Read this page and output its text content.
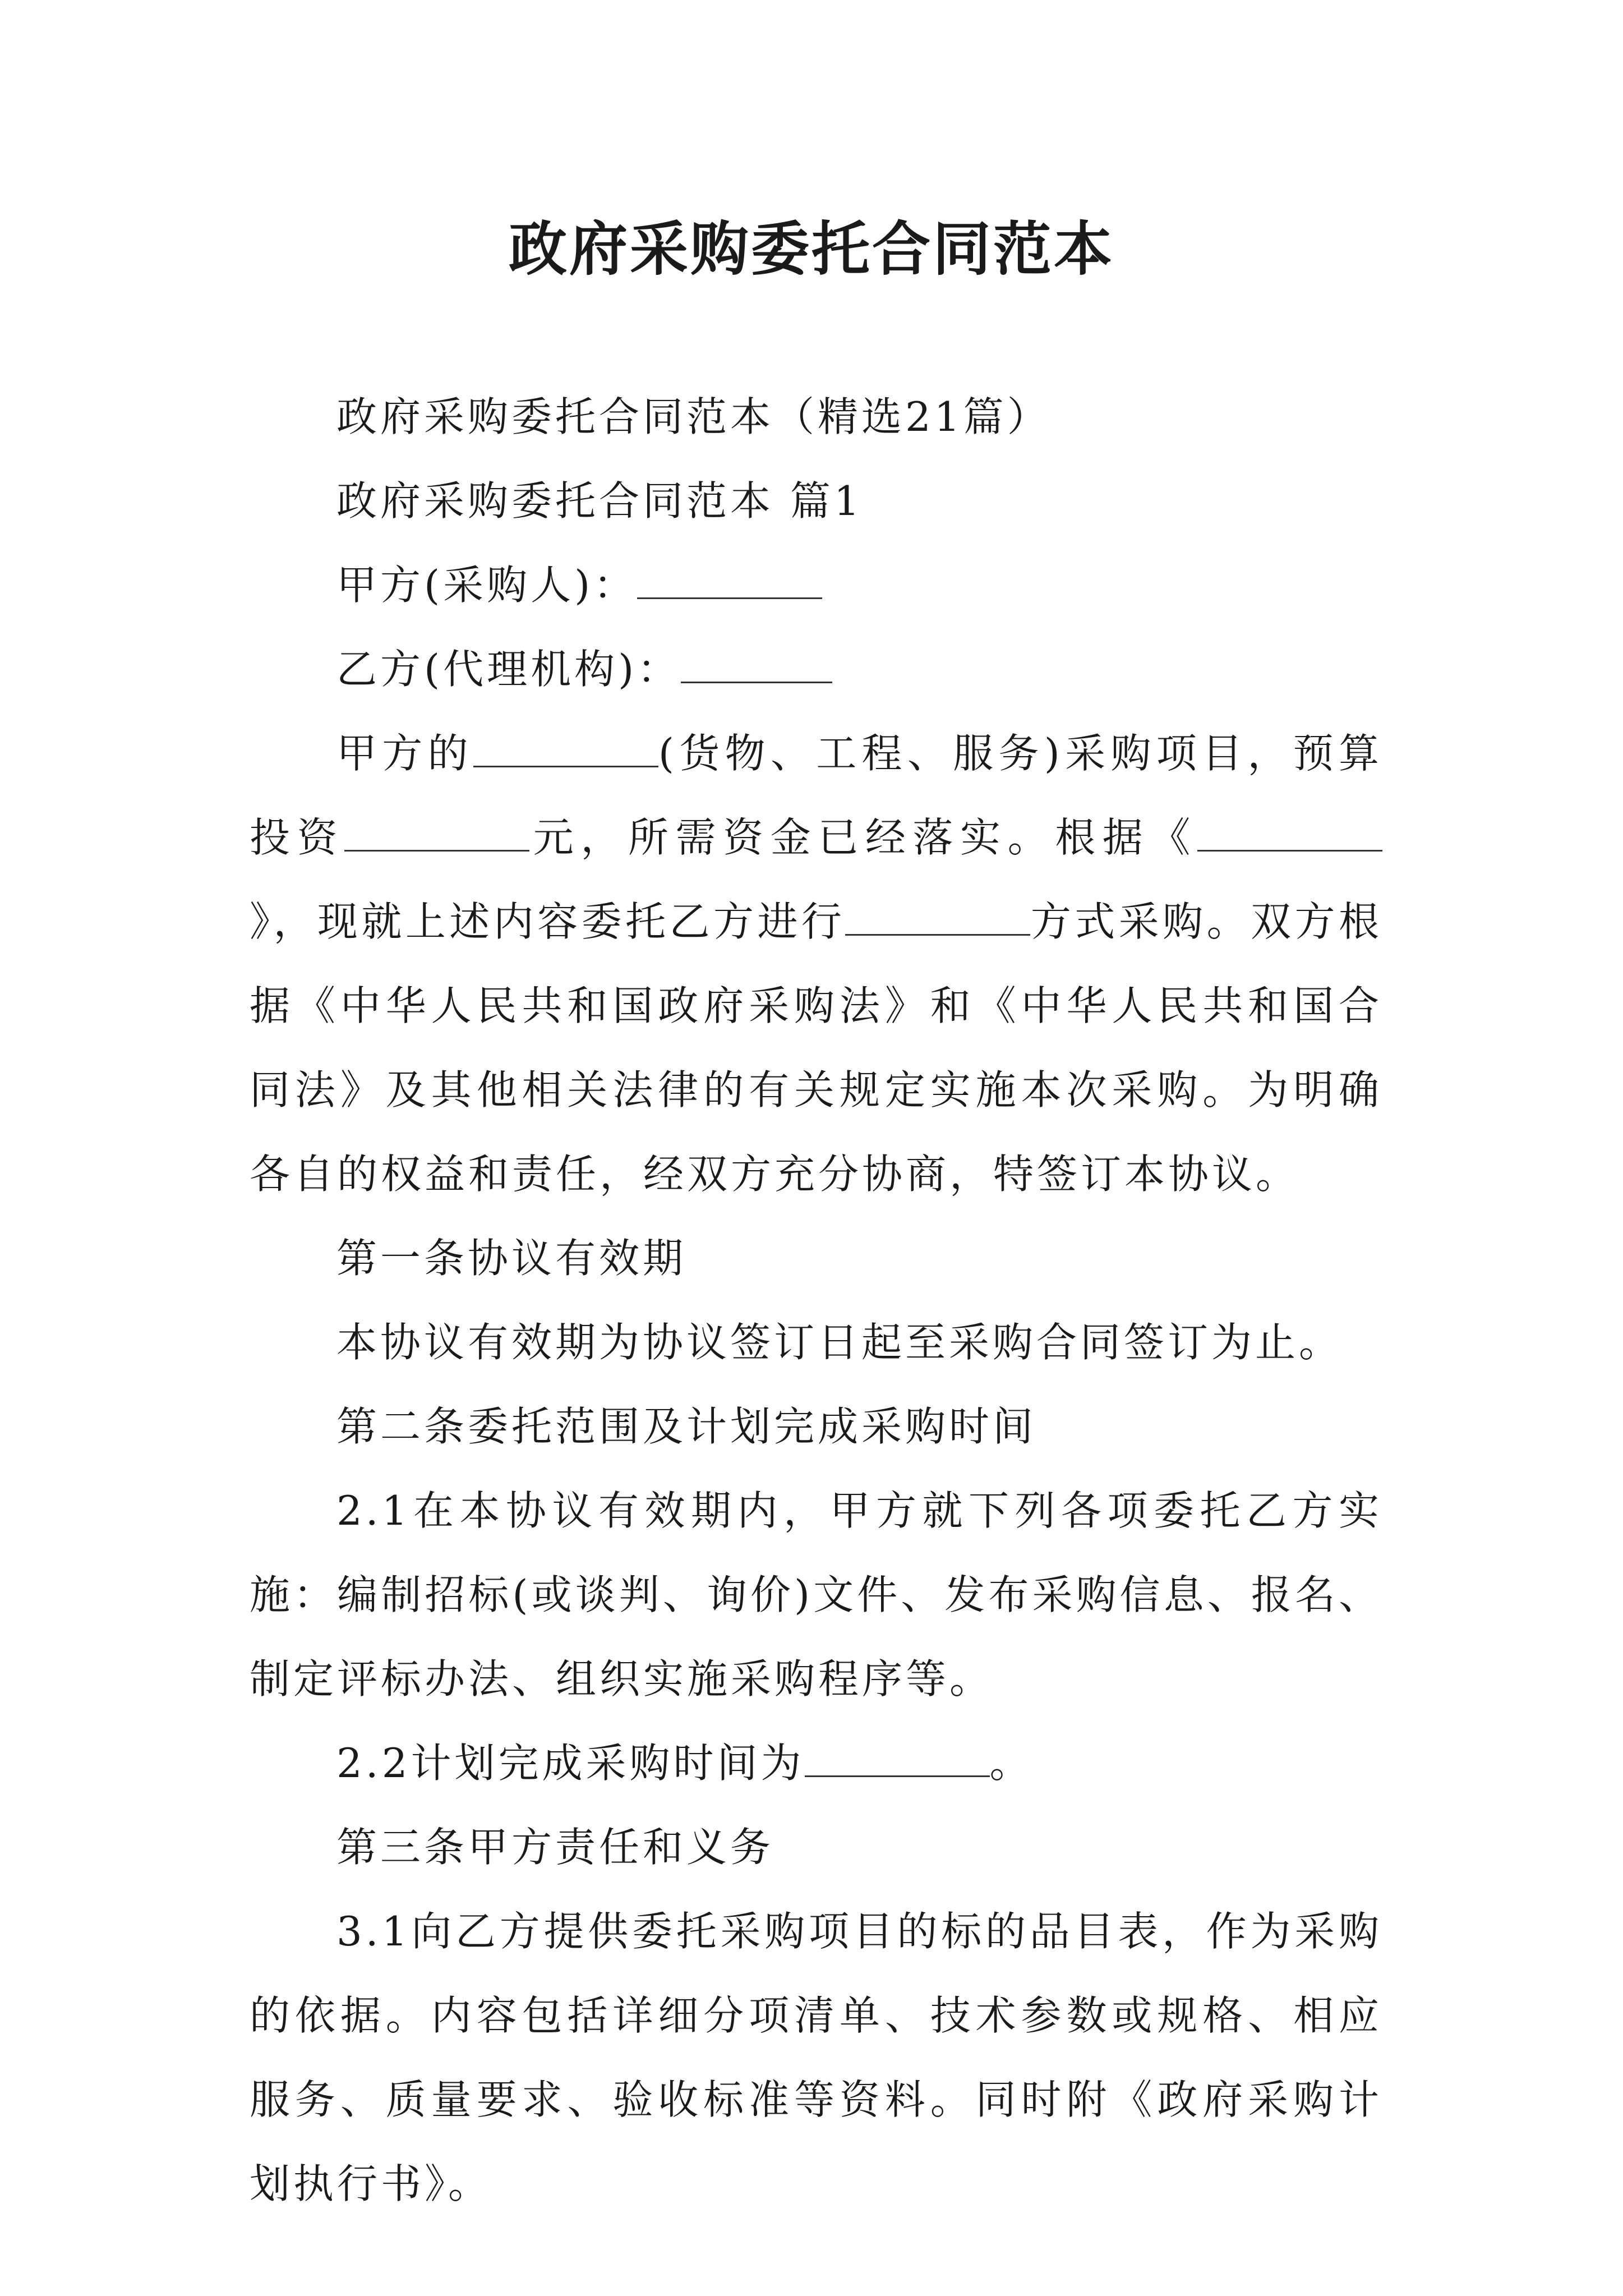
政府采购委托合同范本

政府采购委托合同范本（精选21篇）

政府采购委托合同范本 篇1

甲方(采购人)：

乙方(代理机构)：

甲方的	(货物、工程、服务)采购项目，预算投资	元，所需资金已经落实。根据《》，现就上述内容委托乙方进行	方式采购。双方根据《中华人民共和国政府采购法》和《中华人民共和国合同法》及其他相关法律的有关规定实施本次采购。为明确各自的权益和责任，经双方充分协商，特签订本协议。

第一条协议有效期

本协议有效期为协议签订日起至采购合同签订为止。

第二条委托范围及计划完成采购时间

2.1在本协议有效期内，甲方就下列各项委托乙方实施：编制招标(或谈判、询价)文件、发布采购信息、报名、制定评标办法、组织实施采购程序等。

2.2计划完成采购时间为	。

第三条甲方责任和义务

3.1向乙方提供委托采购项目的标的品目表，作为采购的依据。内容包括详细分项清单、技术参数或规格、相应服务、质量要求、验收标准等资料。同时附《政府采购计划执行书》。
